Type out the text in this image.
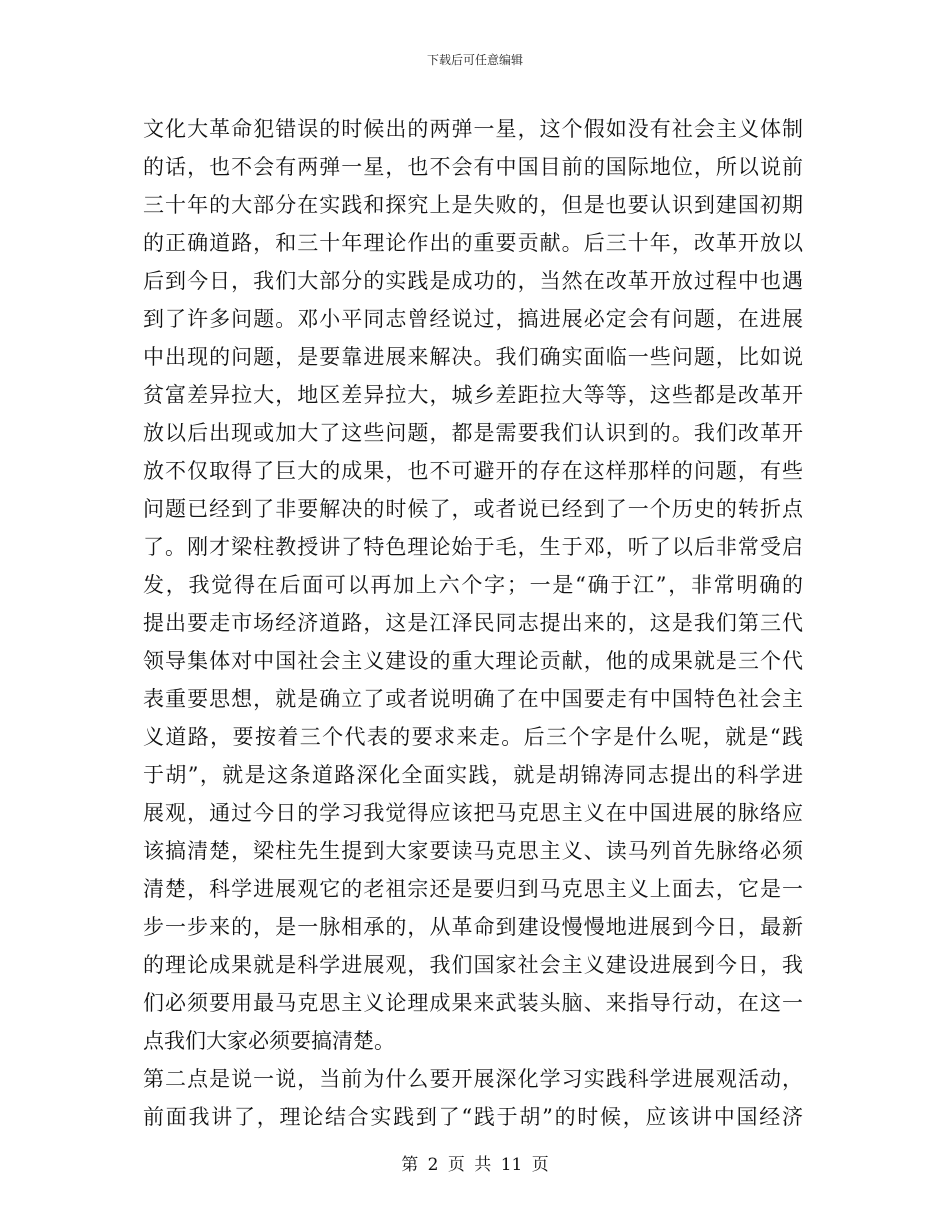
下载后可任意编辑
文化大革命犯错误的时候出的两弹一星，这个假如没有社会主义体制
的话，也不会有两弹一星，也不会有中国目前的国际地位，所以说前
三十年的大部分在实践和探究上是失败的，但是也要认识到建国初期
的正确道路，和三十年理论作出的重要贡献。后三十年，改革开放以
后到今日，我们大部分的实践是成功的，当然在改革开放过程中也遇
到了许多问题。邓小平同志曾经说过，搞进展必定会有问题，在进展
中出现的问题，是要靠进展来解决。我们确实面临一些问题，比如说
贫富差异拉大，地区差异拉大，城乡差距拉大等等，这些都是改革开
放以后出现或加大了这些问题，都是需要我们认识到的。我们改革开
放不仅取得了巨大的成果，也不可避开的存在这样那样的问题，有些
问题已经到了非要解决的时候了，或者说已经到了一个历史的转折点
了。刚才梁柱教授讲了特色理论始于毛，生于邓，听了以后非常受启
发，我觉得在后面可以再加上六个字；一是“确于江”，非常明确的
提出要走市场经济道路，这是江泽民同志提出来的，这是我们第三代
领导集体对中国社会主义建设的重大理论贡献，他的成果就是三个代
表重要思想，就是确立了或者说明确了在中国要走有中国特色社会主
义道路，要按着三个代表的要求来走。后三个字是什么呢，就是“践
于胡”，就是这条道路深化全面实践，就是胡锦涛同志提出的科学进
展观，通过今日的学习我觉得应该把马克思主义在中国进展的脉络应
该搞清楚，梁柱先生提到大家要读马克思主义、读马列首先脉络必须
清楚，科学进展观它的老祖宗还是要归到马克思主义上面去，它是一
步一步来的，是一脉相承的，从革命到建设慢慢地进展到今日，最新
的理论成果就是科学进展观，我们国家社会主义建设进展到今日，我
们必须要用最马克思主义论理成果来武装头脑、来指导行动，在这一
点我们大家必须要搞清楚。
第二点是说一说，当前为什么要开展深化学习实践科学进展观活动，
前面我讲了，理论结合实践到了“践于胡”的时候，应该讲中国经济
第 2 页 共 11 页
